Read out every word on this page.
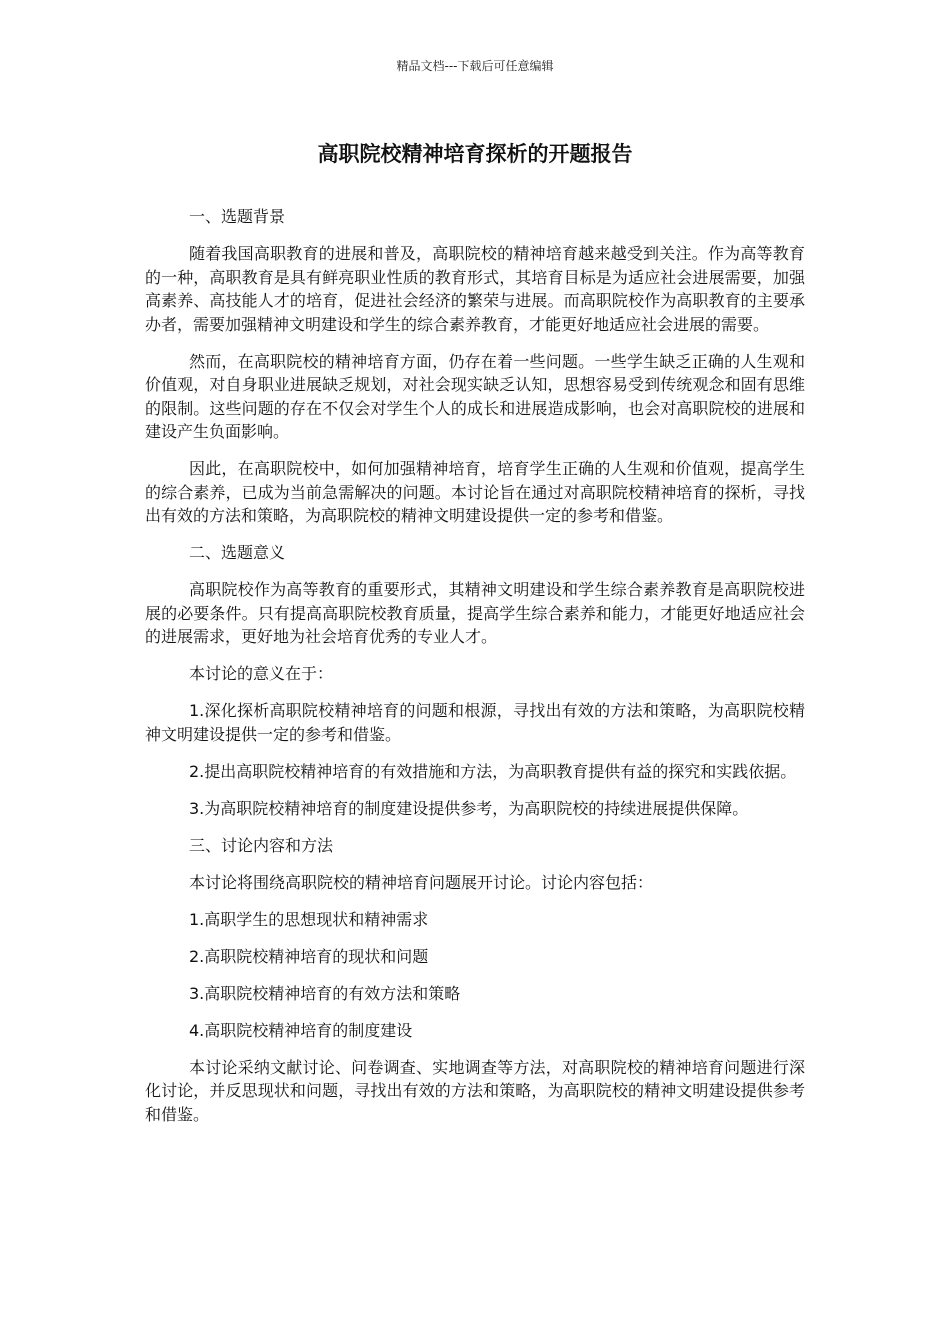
精品文档---下载后可任意编辑
高职院校精神培育探析的开题报告

一、选题背景

随着我国高职教育的进展和普及，高职院校的精神培育越来越受到关注。作为高等教育的一种，高职教育是具有鲜亮职业性质的教育形式，其培育目标是为适应社会进展需要，加强高素养、高技能人才的培育，促进社会经济的繁荣与进展。而高职院校作为高职教育的主要承办者，需要加强精神文明建设和学生的综合素养教育，才能更好地适应社会进展的需要。

然而，在高职院校的精神培育方面，仍存在着一些问题。一些学生缺乏正确的人生观和价值观，对自身职业进展缺乏规划，对社会现实缺乏认知，思想容易受到传统观念和固有思维的限制。这些问题的存在不仅会对学生个人的成长和进展造成影响，也会对高职院校的进展和建设产生负面影响。

因此，在高职院校中，如何加强精神培育，培育学生正确的人生观和价值观，提高学生的综合素养，已成为当前急需解决的问题。本讨论旨在通过对高职院校精神培育的探析，寻找出有效的方法和策略，为高职院校的精神文明建设提供一定的参考和借鉴。

二、选题意义

高职院校作为高等教育的重要形式，其精神文明建设和学生综合素养教育是高职院校进展的必要条件。只有提高高职院校教育质量，提高学生综合素养和能力，才能更好地适应社会的进展需求，更好地为社会培育优秀的专业人才。

本讨论的意义在于：

1.深化探析高职院校精神培育的问题和根源，寻找出有效的方法和策略，为高职院校精神文明建设提供一定的参考和借鉴。

2.提出高职院校精神培育的有效措施和方法，为高职教育提供有益的探究和实践依据。

3.为高职院校精神培育的制度建设提供参考，为高职院校的持续进展提供保障。

三、讨论内容和方法

本讨论将围绕高职院校的精神培育问题展开讨论。讨论内容包括：

1.高职学生的思想现状和精神需求

2.高职院校精神培育的现状和问题

3.高职院校精神培育的有效方法和策略

4.高职院校精神培育的制度建设

本讨论采纳文献讨论、问卷调查、实地调查等方法，对高职院校的精神培育问题进行深化讨论，并反思现状和问题，寻找出有效的方法和策略，为高职院校的精神文明建设提供参考和借鉴。
